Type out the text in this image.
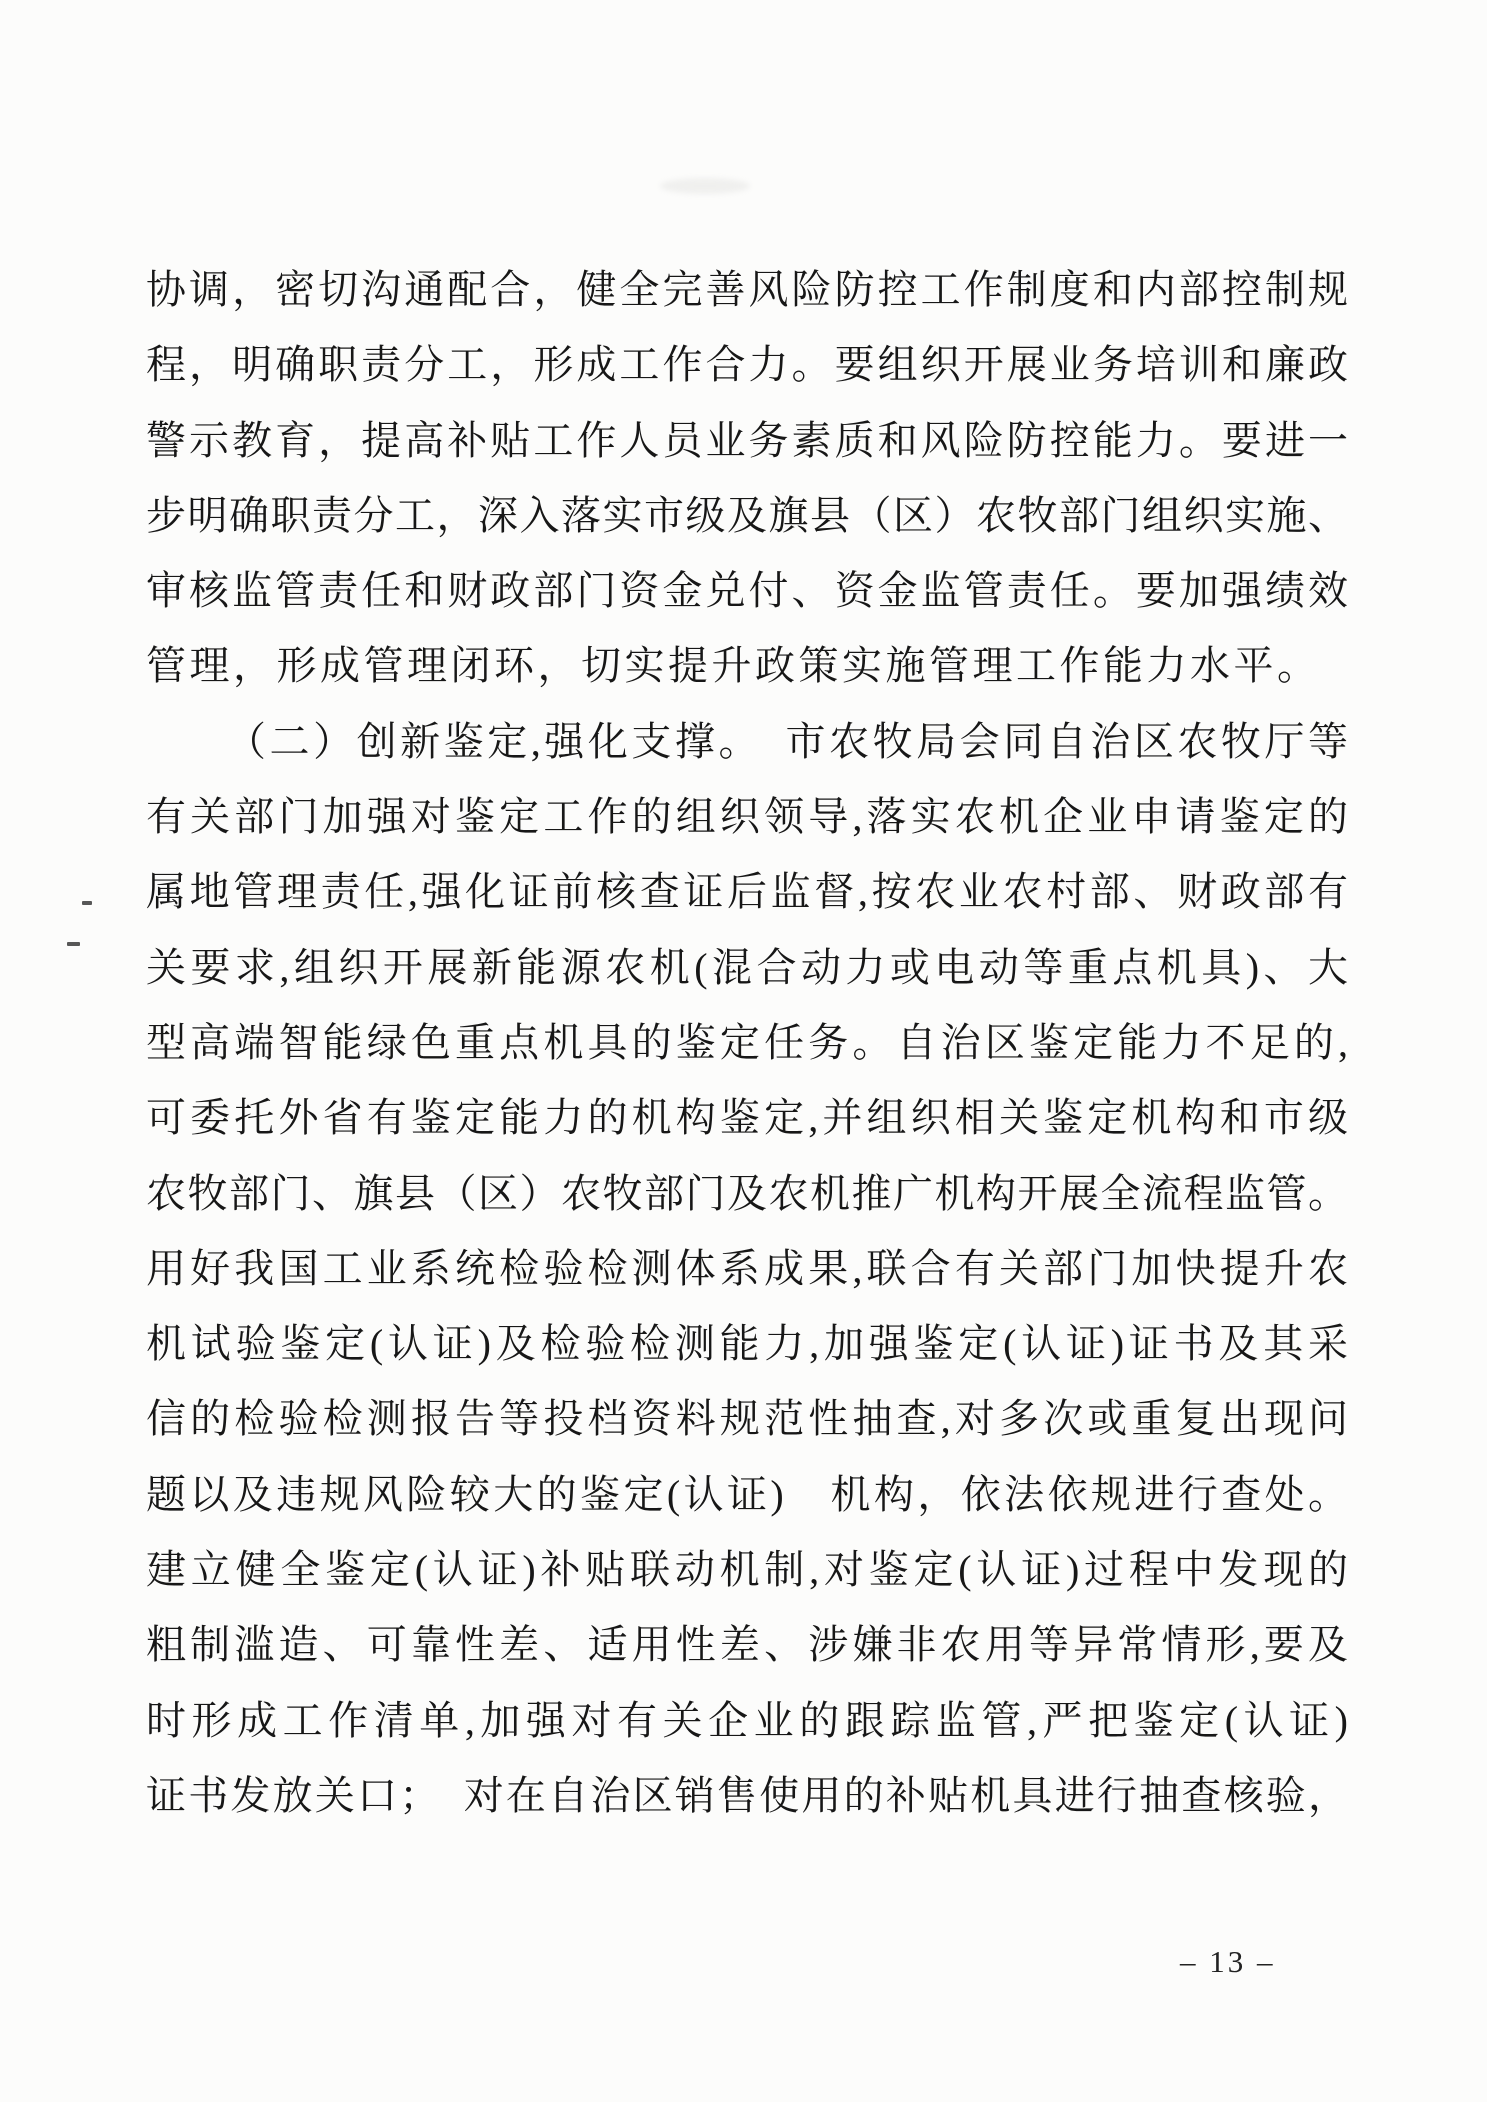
协调，密切沟通配合，健全完善风险防控工作制度和内部控制规
程，明确职责分工，形成工作合力。要组织开展业务培训和廉政
警示教育，提高补贴工作人员业务素质和风险防控能力。要进一
步明确职责分工，深入落实市级及旗县（区）农牧部门组织实施、
审核监管责任和财政部门资金兑付、资金监管责任。要加强绩效
管理，形成管理闭环，切实提升政策实施管理工作能力水平。
（二）创新鉴定,强化支撑。　市农牧局会同自治区农牧厅等
有关部门加强对鉴定工作的组织领导,落实农机企业申请鉴定的
属地管理责任,强化证前核查证后监督,按农业农村部、财政部有
关要求,组织开展新能源农机(混合动力或电动等重点机具)、大
型高端智能绿色重点机具的鉴定任务。自治区鉴定能力不足的,
可委托外省有鉴定能力的机构鉴定,并组织相关鉴定机构和市级
农牧部门、旗县（区）农牧部门及农机推广机构开展全流程监管。
用好我国工业系统检验检测体系成果,联合有关部门加快提升农
机试验鉴定(认证)及检验检测能力,加强鉴定(认证)证书及其采
信的检验检测报告等投档资料规范性抽查,对多次或重复出现问
题以及违规风险较大的鉴定(认证)　机构，依法依规进行查处。
建立健全鉴定(认证)补贴联动机制,对鉴定(认证)过程中发现的
粗制滥造、可靠性差、适用性差、涉嫌非农用等异常情形,要及
时形成工作清单,加强对有关企业的跟踪监管,严把鉴定(认证)
证书发放关口；　对在自治区销售使用的补贴机具进行抽查核验，
– 13 –
